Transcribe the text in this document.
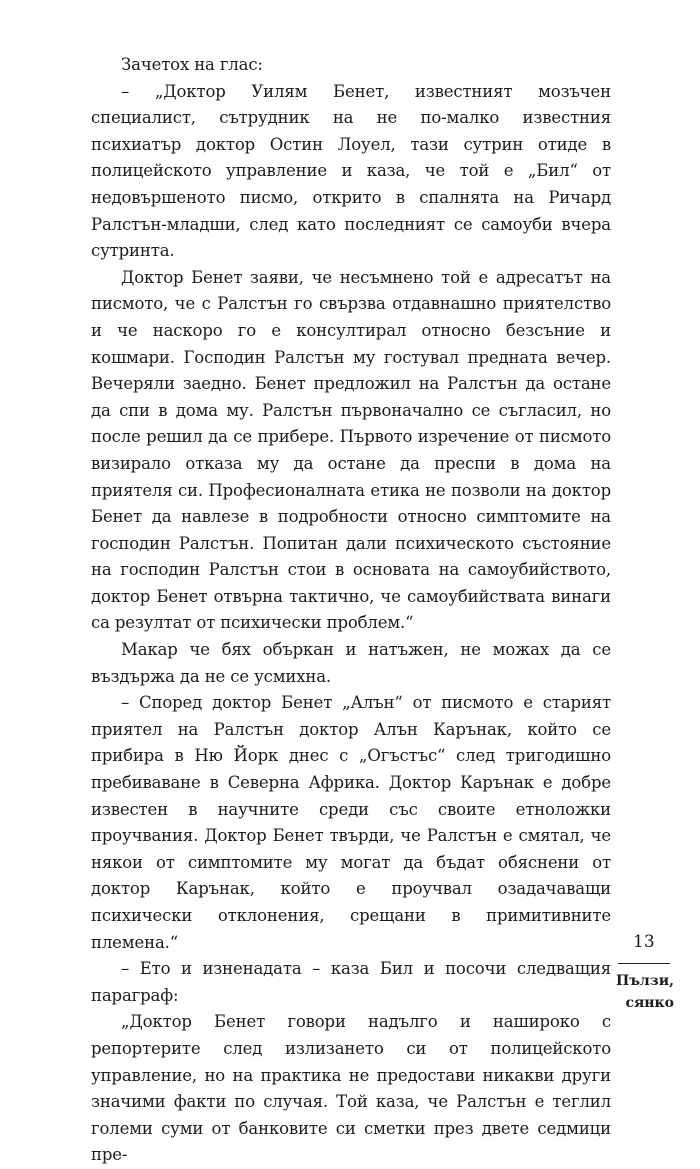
Зачетох на глас:

– „Доктор Уилям Бенет, известният мозъчен специалист, сътрудник на не по-малко известния психиатър доктор Остин Лоуел, тази сутрин отиде в полицейското управление и каза, че той е „Бил“ от недовършеното писмо, открито в спалнята на Ричард Ралстън-младши, след като последният се самоуби вчера сутринта.

Доктор Бенет заяви, че несъмнено той е адресатът на писмото, че с Ралстън го свързва отдавнашно приятелство и че наскоро го е консултирал относно безсъние и кошмари. Господин Ралстън му гостувал предната вечер. Вечеряли заедно. Бенет предложил на Ралстън да остане да спи в дома му. Ралстън първоначално се съгласил, но после решил да се прибере. Първото изречение от писмото визирало отказа му да остане да преспи в дома на приятеля си. Професионалната етика не позволи на доктор Бенет да навлезе в подробности относно симптомите на господин Ралстън. Попитан дали психическото състояние на господин Ралстън стои в основата на самоубийството, доктор Бенет отвърна тактично, че самоубийствата винаги са резултат от психически проблем.“

Макар че бях объркан и натъжен, не можах да се въздържа да не се усмихна.

– Според доктор Бенет „Алън“ от писмото е старият приятел на Ралстън доктор Алън Карънак, който се прибира в Ню Йорк днес с „Огъстъс“ след тригодишно пребиваване в Северна Африка. Доктор Карънак е добре известен в научните среди със своите етноложки проучвания. Доктор Бенет твърди, че Ралстън е смятал, че някои от симптомите му могат да бъдат обяснени от доктор Карънак, който е проучвал озадачаващи психически отклонения, срещани в примитивните племена.“

– Ето и изненадата – каза Бил и посочи следващия параграф:

„Доктор Бенет говори надълго и нашироко с репортерите след излизането си от полицейското управление, но на практика не предостави никакви други значими факти по случая. Той каза, че Ралстън е теглил големи суми от банковите си сметки през двете седмици пре-

13
Пълзи,
сянко
